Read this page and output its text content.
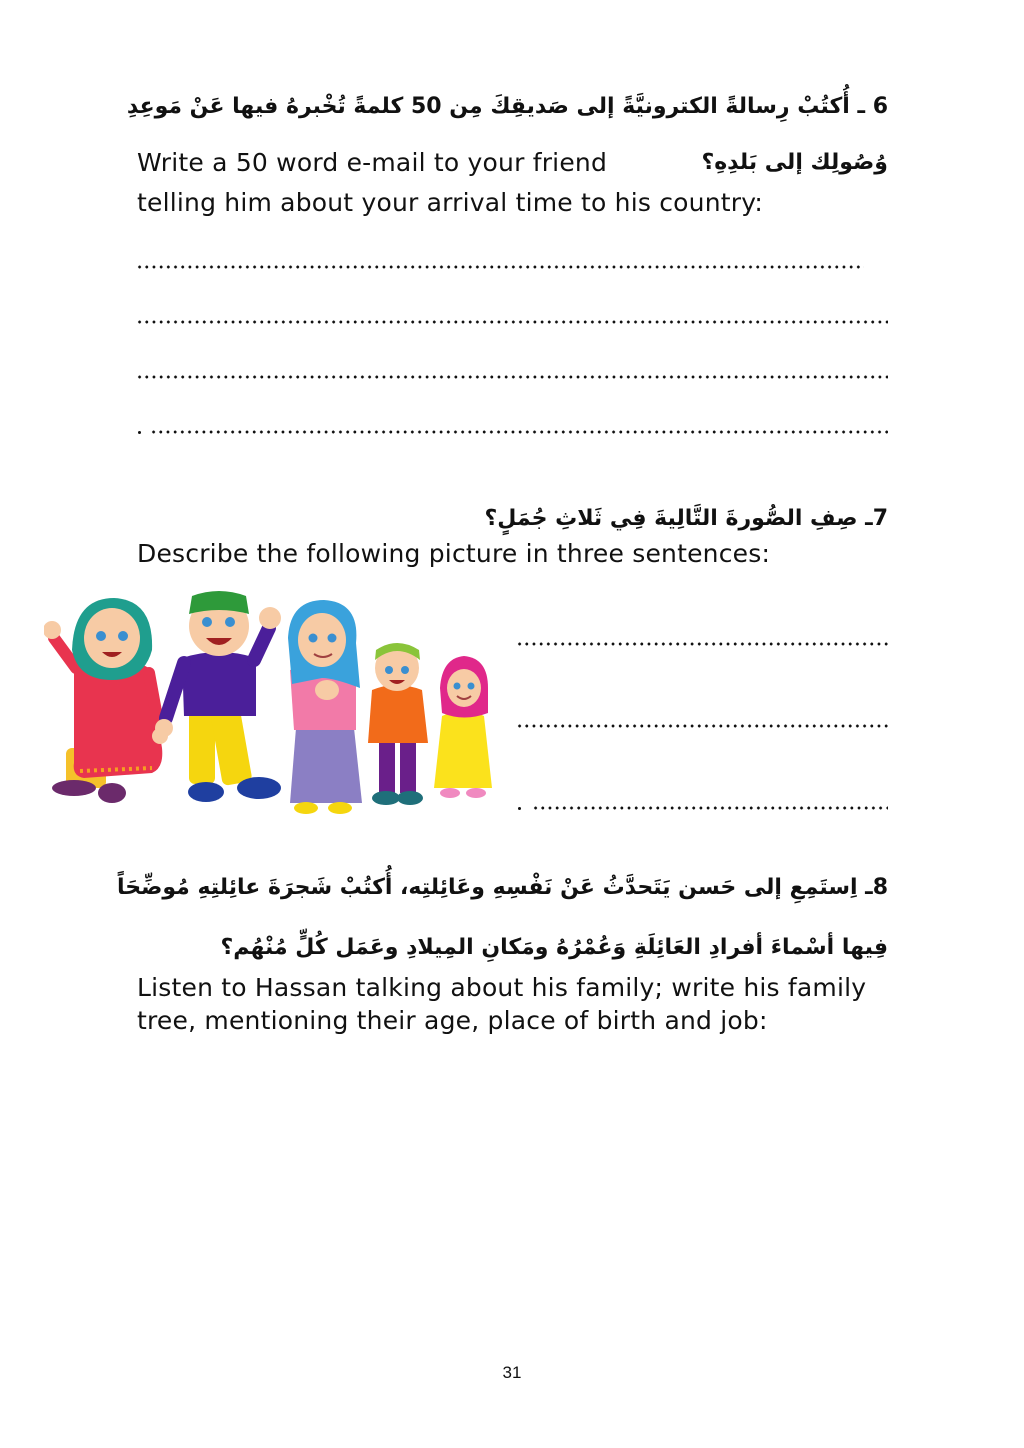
6 ـ أُكتُبْ رِسالةً الكترونيَّةً إلى صَديقِكَ مِن 50 كلمةً تُخْبرهُ فيها عَنْ مَوعِدِ
وُصُولِك إلى بَلدِهِ؟
Write a 50 word e-mail to your friend
telling him about your arrival time to his country:
7ـ صِفِ الصُّورةَ التَّالِيةَ فِي ثَلاثِ جُمَلٍ؟
Describe the following picture in three sentences:
8ـ اِستَمِعِ إلى حَسن يَتَحدَّثُ عَنْ نَفْسِهِ وعَائِلتِه، أُكتُبْ شَجرَةَ عائِلتِهِ مُوضِّحَاً
فِيها أسْماءَ أفرادِ العَائِلَةِ وَعُمْرُهُ ومَكانِ المِيلادِ وعَمَل كُلٍّ مُنْهُم؟
Listen to Hassan talking about his family; write his family
tree, mentioning their age, place of birth and job:
31
